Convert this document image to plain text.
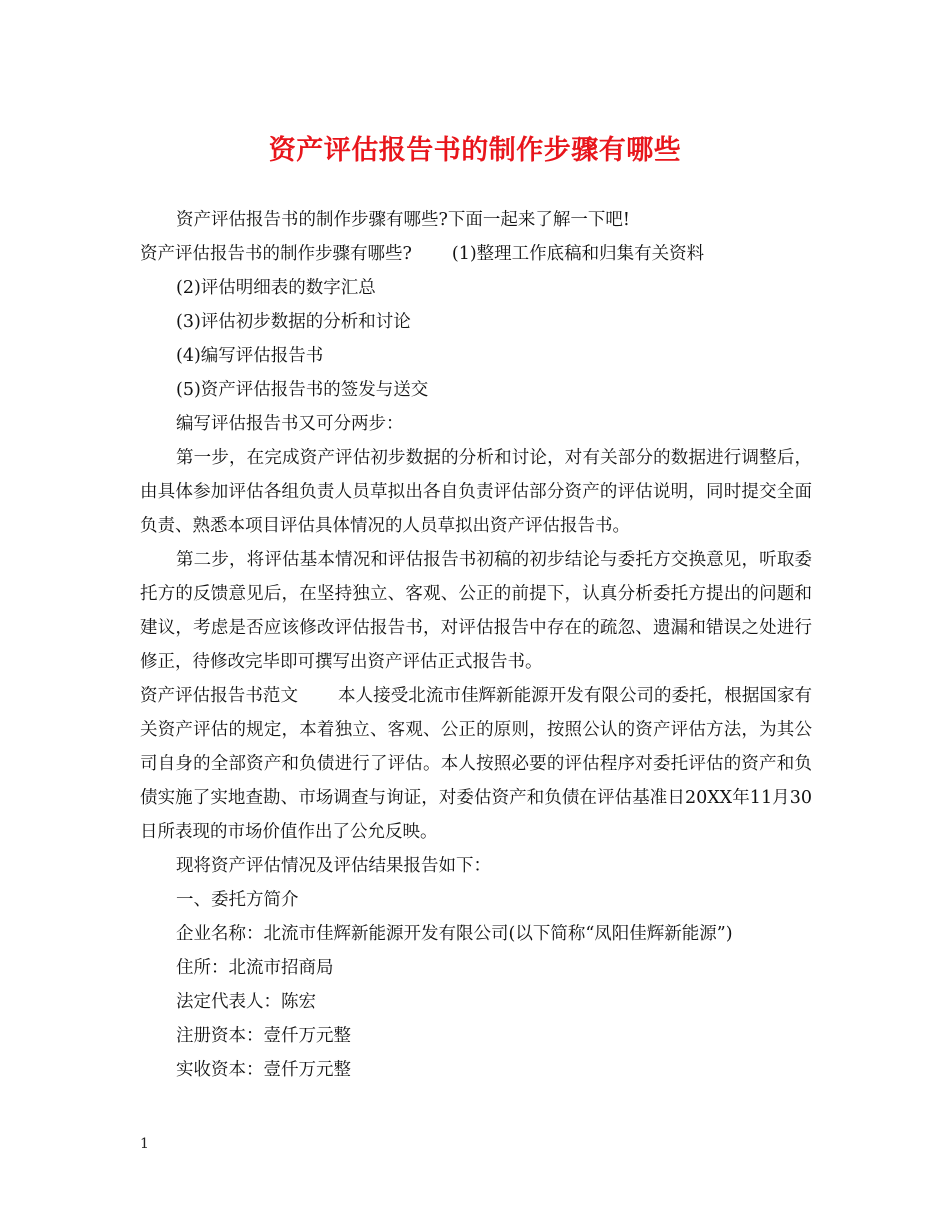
资产评估报告书的制作步骤有哪些

资产评估报告书的制作步骤有哪些?下面一起来了解一下吧!

资产评估报告书的制作步骤有哪些? (1)整理工作底稿和归集有关资料

(2)评估明细表的数字汇总

(3)评估初步数据的分析和讨论

(4)编写评估报告书

(5)资产评估报告书的签发与送交

编写评估报告书又可分两步：

第一步，在完成资产评估初步数据的分析和讨论，对有关部分的数据进行调整后，由具体参加评估各组负责人员草拟出各自负责评估部分资产的评估说明，同时提交全面负责、熟悉本项目评估具体情况的人员草拟出资产评估报告书。

第二步，将评估基本情况和评估报告书初稿的初步结论与委托方交换意见，听取委托方的反馈意见后，在坚持独立、客观、公正的前提下，认真分析委托方提出的问题和建议，考虑是否应该修改评估报告书，对评估报告中存在的疏忽、遗漏和错误之处进行修正，待修改完毕即可撰写出资产评估正式报告书。

资产评估报告书范文 本人接受北流市佳辉新能源开发有限公司的委托，根据国家有关资产评估的规定，本着独立、客观、公正的原则，按照公认的资产评估方法，为其公司自身的全部资产和负债进行了评估。本人按照必要的评估程序对委托评估的资产和负债实施了实地查勘、市场调查与询证，对委估资产和负债在评估基准日20XX年11月30日所表现的市场价值作出了公允反映。

现将资产评估情况及评估结果报告如下：

一、委托方简介

企业名称：北流市佳辉新能源开发有限公司(以下简称“凤阳佳辉新能源”)

住所：北流市招商局

法定代表人：陈宏

注册资本：壹仟万元整

实收资本：壹仟万元整

1
